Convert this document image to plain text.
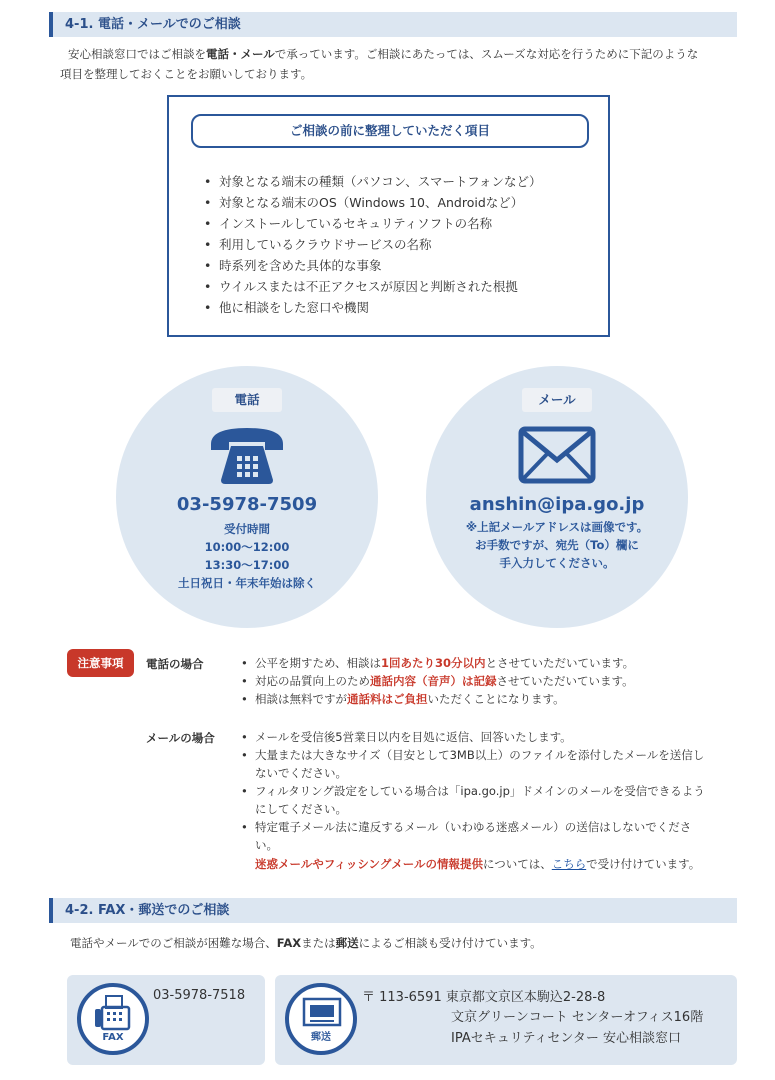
4-1. 電話・メールでのご相談
安心相談窓口ではご相談を電話・メールで承っています。ご相談にあたっては、スムーズな対応を行うために下記のような
項目を整理しておくことをお願いしております。
ご相談の前に整理していただく項目
• 対象となる端末の種類（パソコン、スマートフォンなど）
• 対象となる端末のOS（Windows 10、Androidなど）
• インストールしているセキュリティソフトの名称
• 利用しているクラウドサービスの名称
• 時系列を含めた具体的な事象
• ウイルスまたは不正アクセスが原因と判断された根拠
• 他に相談をした窓口や機関
電話
03-5978-7509
受付時間
10:00～12:00
13:30～17:00
土日祝日・年末年始は除く
メール
anshin@ipa.go.jp
※上記メールアドレスは画像です。
お手数ですが、宛先（To）欄に
手入力してください。
注意事項	電話の場合	• 公平を期すため、相談は1回あたり30分以内とさせていただいています。
• 対応の品質向上のため通話内容（音声）は記録させていただいています。
• 相談は無料ですが通話料はご負担いただくことになります。
メールの場合	• メールを受信後5営業日以内を目処に返信、回答いたします。
• 大量または大きなサイズ（目安として3MB以上）のファイルを添付したメールを送信し
ないでください。
• フィルタリング設定をしている場合は「ipa.go.jp」ドメインのメールを受信できるよう
にしてください。
• 特定電子メール法に違反するメール（いわゆる迷惑メール）の送信はしないでくださ
い。
迷惑メールやフィッシングメールの情報提供については、こちらで受け付けています。
4-2. FAX・郵送でのご相談
電話やメールでのご相談が困難な場合、FAXまたは郵送によるご相談も受け付けています。
FAX
03-5978-7518
郵送
〒 113-6591 東京都文京区本駒込2-28-8
文京グリーンコート センターオフィス16階
IPAセキュリティセンター 安心相談窓口
